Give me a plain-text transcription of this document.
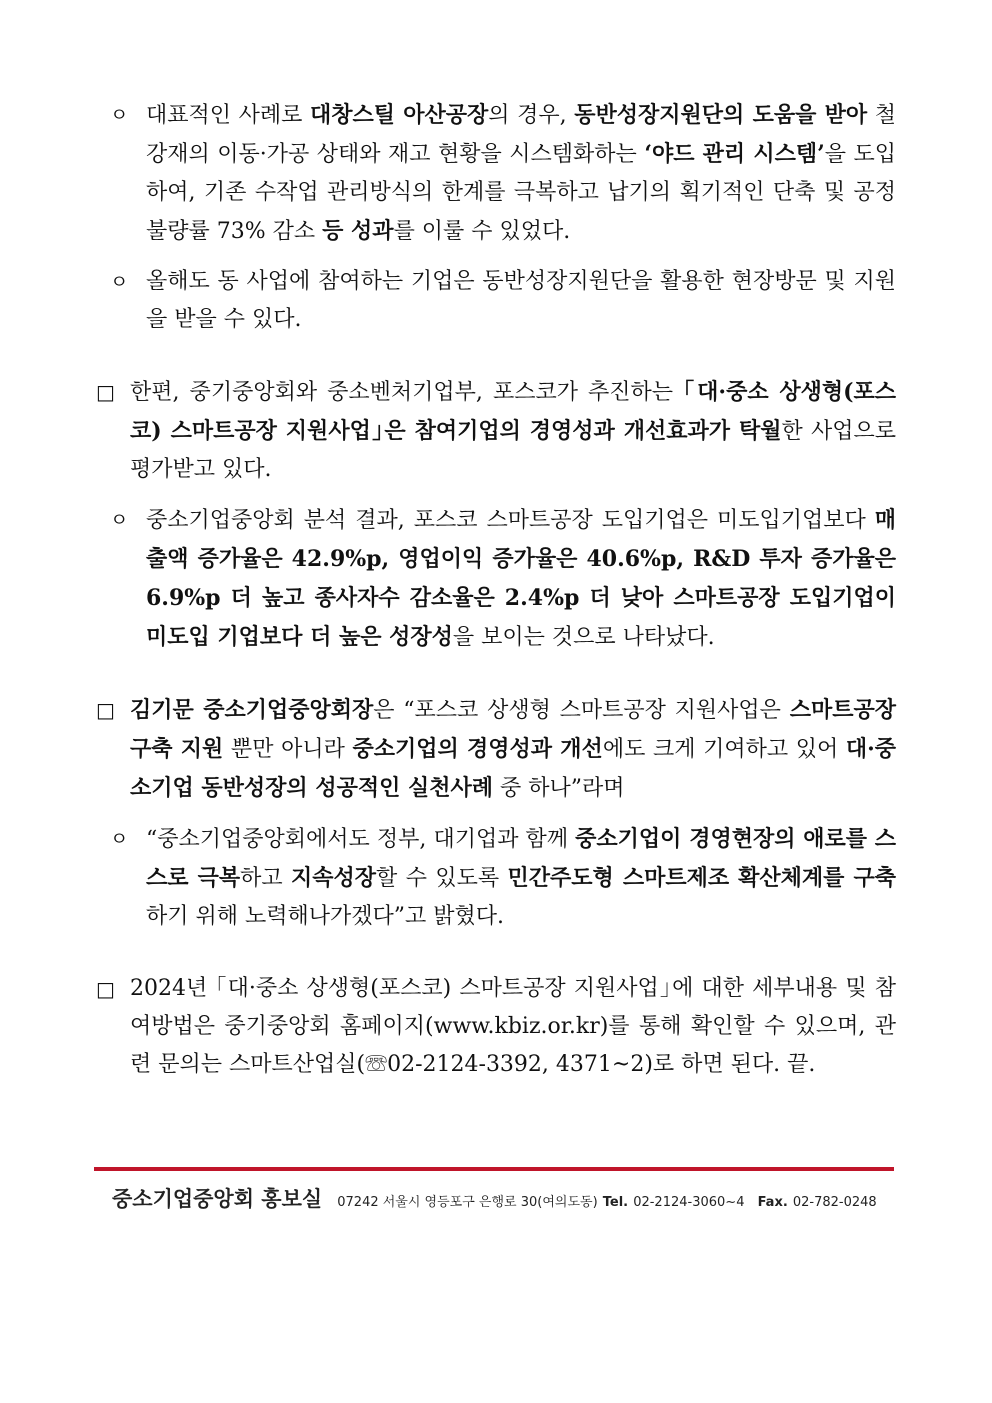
ㅇ 대표적인 사례로 대창스틸 아산공장의 경우, 동반성장지원단의 도움을 받아 철강재의 이동·가공 상태와 재고 현황을 시스템화하는 ‘야드 관리 시스템’을 도입하여, 기존 수작업 관리방식의 한계를 극복하고 납기의 획기적인 단축 및 공정불량률 73% 감소 등 성과를 이룰 수 있었다.
ㅇ 올해도 동 사업에 참여하는 기업은 동반성장지원단을 활용한 현장방문 및 지원을 받을 수 있다.
□ 한편, 중기중앙회와 중소벤처기업부, 포스코가 추진하는 ｢대·중소 상생형(포스코) 스마트공장 지원사업｣은 참여기업의 경영성과 개선효과가 탁월한 사업으로 평가받고 있다.
ㅇ 중소기업중앙회 분석 결과, 포스코 스마트공장 도입기업은 미도입기업보다 매출액 증가율은 42.9%p, 영업이익 증가율은 40.6%p, R&D 투자 증가율은 6.9%p 더 높고 종사자수 감소율은 2.4%p 더 낮아 스마트공장 도입기업이 미도입 기업보다 더 높은 성장성을 보이는 것으로 나타났다.
□ 김기문 중소기업중앙회장은 “포스코 상생형 스마트공장 지원사업은 스마트공장 구축 지원 뿐만 아니라 중소기업의 경영성과 개선에도 크게 기여하고 있어 대·중소기업 동반성장의 성공적인 실천사례 중 하나”라며
ㅇ “중소기업중앙회에서도 정부, 대기업과 함께 중소기업이 경영현장의 애로를 스스로 극복하고 지속성장할 수 있도록 민간주도형 스마트제조 확산체계를 구축하기 위해 노력해나가겠다”고 밝혔다.
□ 2024년 ｢대·중소 상생형(포스코) 스마트공장 지원사업｣에 대한 세부내용 및 참여방법은 중기중앙회 홈페이지(www.kbiz.or.kr)를 통해 확인할 수 있으며, 관련 문의는 스마트산업실(☏02-2124-3392, 4371~2)로 하면 된다. 끝.
중소기업중앙회 홍보실 07242 서울시 영등포구 은행로 30(여의도동) Tel. 02-2124-3060~4 Fax. 02-782-0248
